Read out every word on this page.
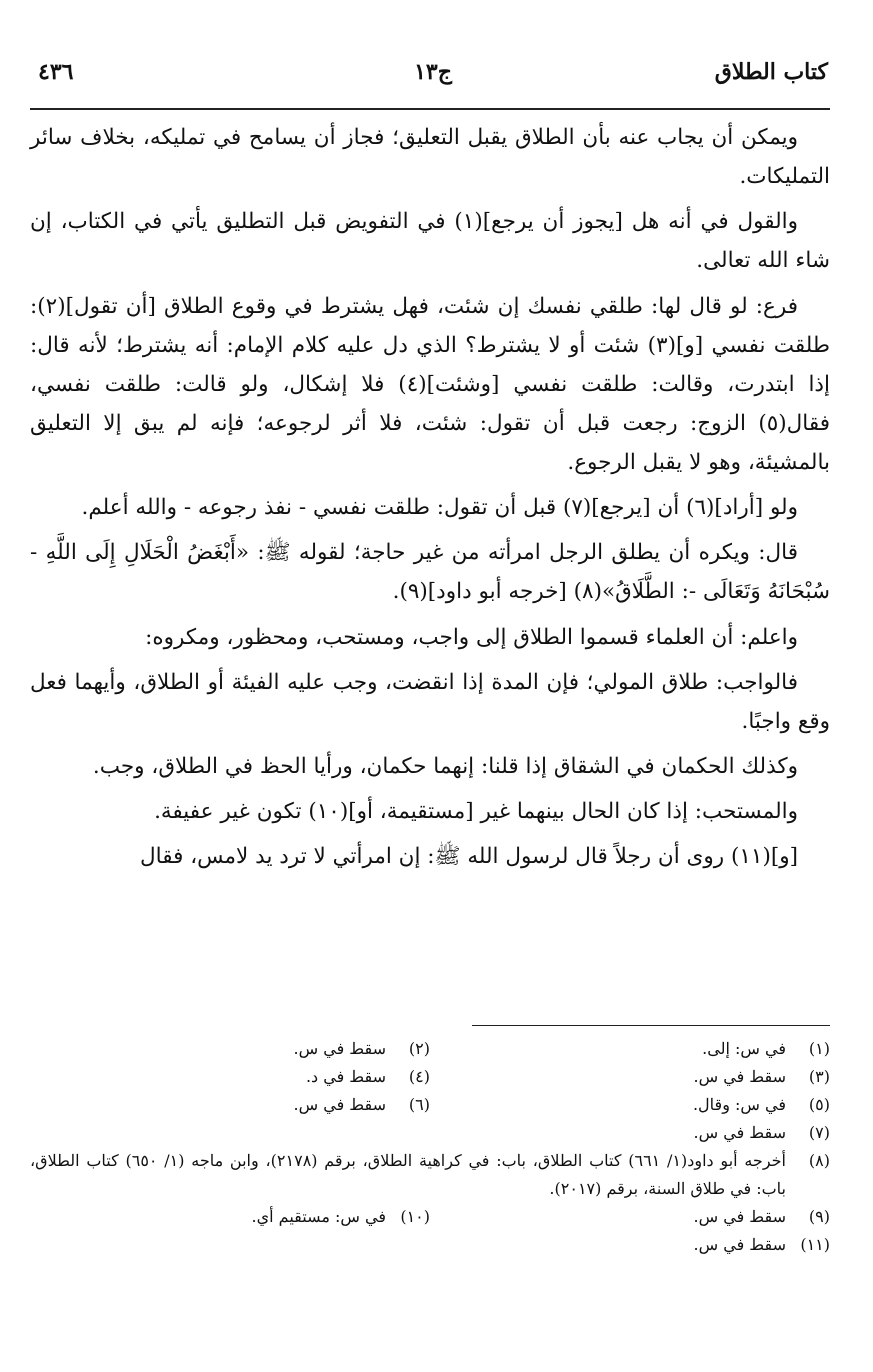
كتاب الطلاق
ج١٣
٤٣٦

ويمكن أن يجاب عنه بأن الطلاق يقبل التعليق؛ فجاز أن يسامح في تمليكه، بخلاف سائر التمليكات.

والقول في أنه هل [يجوز أن يرجع](١) في التفويض قبل التطليق يأتي في الكتاب، إن شاء الله تعالى.

فرع: لو قال لها: طلقي نفسك إن شئت، فهل يشترط في وقوع الطلاق [أن تقول](٢): طلقت نفسي [و](٣) شئت أو لا يشترط؟ الذي دل عليه كلام الإمام: أنه يشترط؛ لأنه قال: إذا ابتدرت، وقالت: طلقت نفسي [وشئت](٤) فلا إشكال، ولو قالت: طلقت نفسي، فقال(٥) الزوج: رجعت قبل أن تقول: شئت، فلا أثر لرجوعه؛ فإنه لم يبق إلا التعليق بالمشيئة، وهو لا يقبل الرجوع.

ولو [أراد](٦) أن [يرجع](٧) قبل أن تقول: طلقت نفسي - نفذ رجوعه - والله أعلم.

قال: ويكره أن يطلق الرجل امرأته من غير حاجة؛ لقوله ﷺ: «أَبْغَضُ الْحَلَالِ إِلَى اللَّهِ - سُبْحَانَهُ وَتَعَالَى -: الطَّلَاقُ»(٨) [خرجه أبو داود](٩).

واعلم: أن العلماء قسموا الطلاق إلى واجب، ومستحب، ومحظور، ومكروه:

فالواجب: طلاق المولي؛ فإن المدة إذا انقضت، وجب عليه الفيئة أو الطلاق، وأيهما فعل وقع واجبًا.

وكذلك الحكمان في الشقاق إذا قلنا: إنهما حكمان، ورأيا الحظ في الطلاق، وجب.

والمستحب: إذا كان الحال بينهما غير [مستقيمة، أو](١٠) تكون غير عفيفة.

[و](١١) روى أن رجلاً قال لرسول الله ﷺ: إن امرأتي لا ترد يد لامس، فقال

(١)
في س: إلى.
(٢)
سقط في س.
(٣)
سقط في س.
(٤)
سقط في د.
(٥)
في س: وقال.
(٦)
سقط في س.
(٧)
سقط في س.
(٨)
أخرجه أبو داود(١/ ٦٦١) كتاب الطلاق، باب: في كراهية الطلاق، برقم (٢١٧٨)، وابن ماجه (١/ ٦٥٠) كتاب الطلاق، باب: في طلاق السنة، برقم (٢٠١٧).
(٩)
سقط في س.
(١٠)
في س: مستقيم أي.
(١١)
سقط في س.
